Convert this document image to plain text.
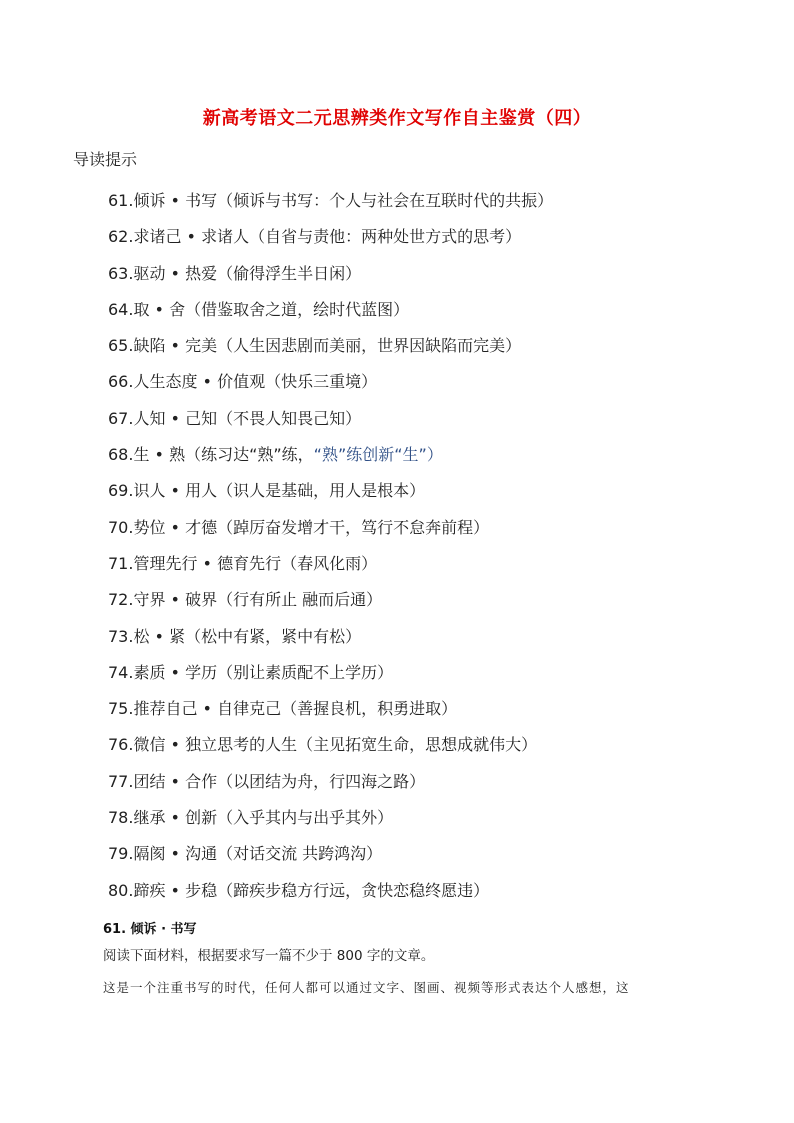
新高考语文二元思辨类作文写作自主鉴赏（四）
导读提示
61.倾诉 • 书写（倾诉与书写：个人与社会在互联时代的共振）
62.求诸己 • 求诸人（自省与责他：两种处世方式的思考）
63.驱动 • 热爱（偷得浮生半日闲）
64.取 • 舍（借鉴取舍之道，绘时代蓝图）
65.缺陷 • 完美（人生因悲剧而美丽，世界因缺陷而完美）
66.人生态度 • 价值观（快乐三重境）
67.人知 • 己知（不畏人知畏己知）
68.生 • 熟（练习达“熟”练，“熟”练创新“生”）
69.识人 • 用人（识人是基础，用人是根本）
70.势位 • 才德（踔厉奋发增才干，笃行不怠奔前程）
71.管理先行 • 德育先行（春风化雨）
72.守界 • 破界（行有所止 融而后通）
73.松 • 紧（松中有紧，紧中有松）
74.素质 • 学历（别让素质配不上学历）
75.推荐自己 • 自律克己（善握良机，积勇进取）
76.微信 • 独立思考的人生（主见拓宽生命，思想成就伟大）
77.团结 • 合作（以团结为舟，行四海之路）
78.继承 • 创新（入乎其内与出乎其外）
79.隔阂 • 沟通（对话交流 共跨鸿沟）
80.蹄疾 • 步稳（蹄疾步稳方行远，贪快恋稳终愿违）
61. 倾诉 · 书写
阅读下面材料，根据要求写一篇不少于 800 字的文章。
这是一个注重书写的时代，任何人都可以通过文字、图画、视频等形式表达个人感想，这
